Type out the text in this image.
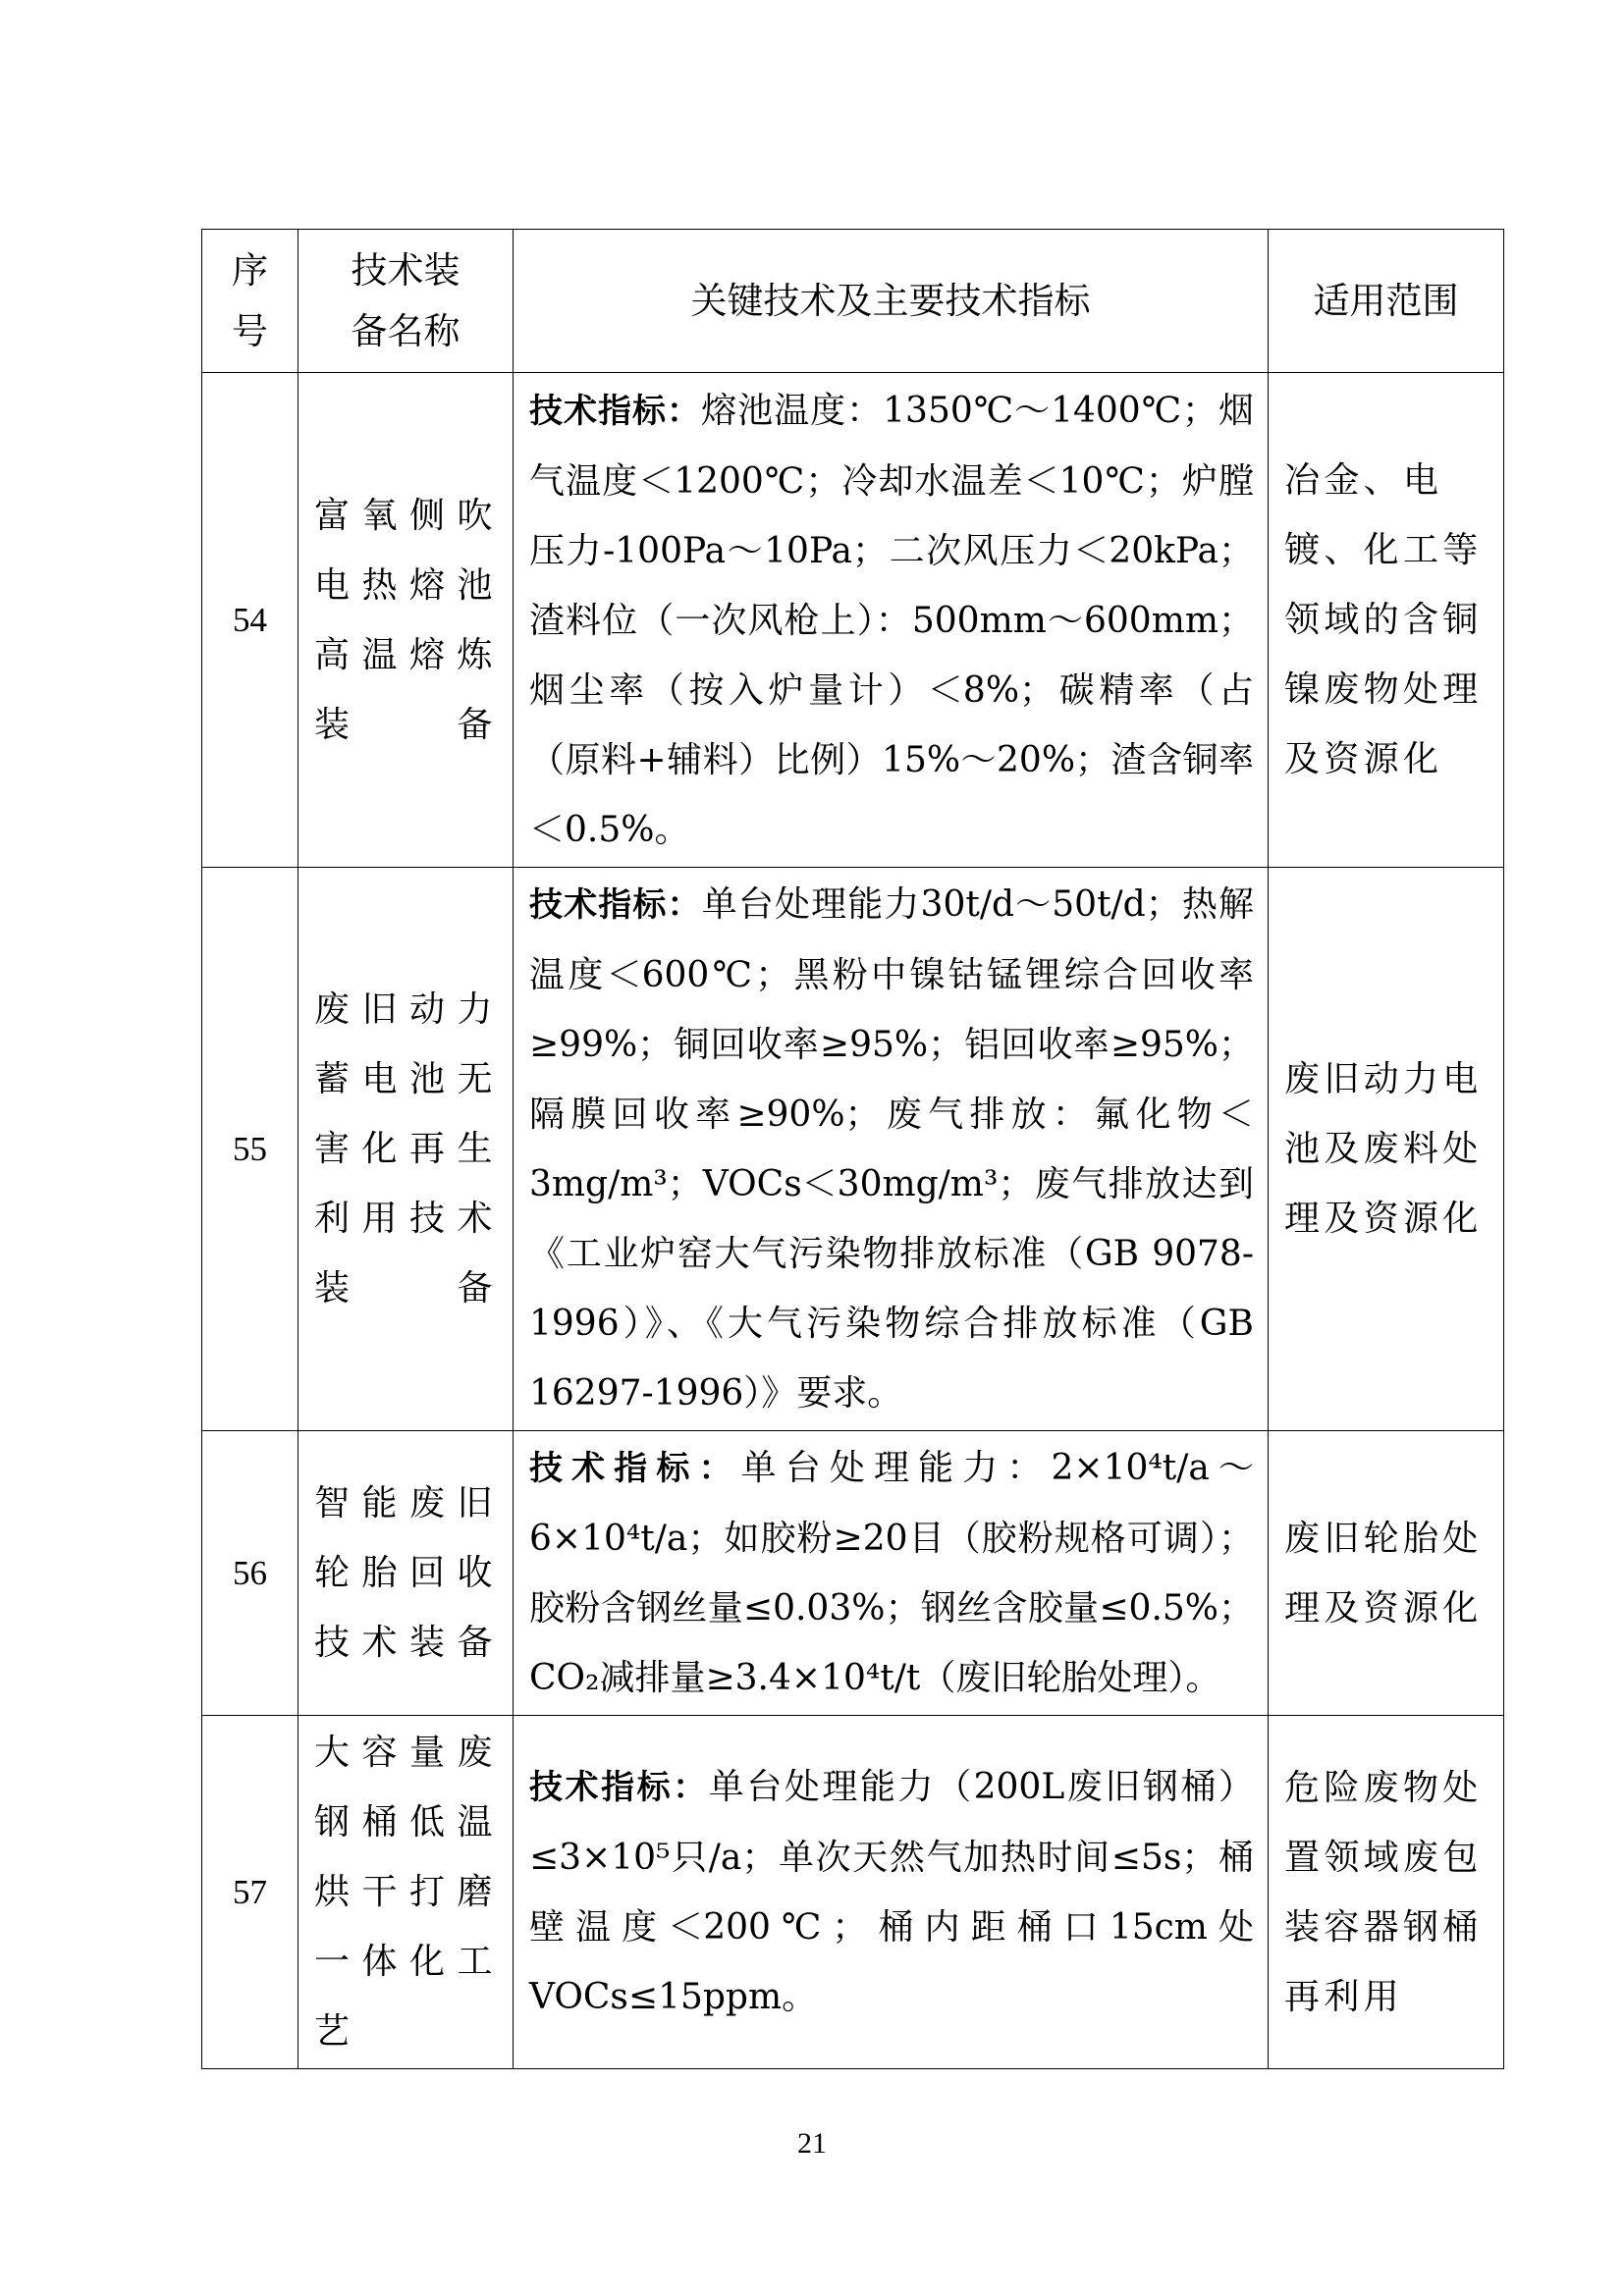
序号	技术装备名称	关键技术及主要技术指标	适用范围
54	富氧侧吹电热熔池高温熔炼装备	技术指标：熔池温度：1350℃～1400℃；烟气温度＜1200℃；冷却水温差＜10℃；炉膛压力-100Pa～10Pa；二次风压力＜20kPa；渣料位（一次风枪上）：500mm～600mm；烟尘率（按入炉量计）＜8%；碳精率（占（原料+辅料）比例）15%～20%；渣含铜率＜0.5%。	冶金、电镀、化工等领域的含铜镍废物处理及资源化
55	废旧动力蓄电池无害化再生利用技术装备	技术指标：单台处理能力30t/d～50t/d；热解温度＜600℃；黑粉中镍钴锰锂综合回收率≥99%；铜回收率≥95%；铝回收率≥95%；隔膜回收率≥90%；废气排放：氟化物＜3mg/m³；VOCs＜30mg/m³；废气排放达到《工业炉窑大气污染物排放标准（GB 9078-1996）》、《大气污染物综合排放标准（GB 16297-1996）》要求。	废旧动力电池及废料处理及资源化
56	智能废旧轮胎回收技术装备	技术指标：单台处理能力：2×10⁴t/a～6×10⁴t/a；如胶粉≥20目（胶粉规格可调）；胶粉含钢丝量≤0.03%；钢丝含胶量≤0.5%；CO₂减排量≥3.4×10⁴t/t（废旧轮胎处理）。	废旧轮胎处理及资源化
57	大容量废钢桶低温烘干打磨一体化工艺	技术指标：单台处理能力（200L废旧钢桶）≤3×10⁵只/a；单次天然气加热时间≤5s；桶壁温度＜200℃；桶内距桶口15cm处VOCs≤15ppm。	危险废物处置领域废包装容器钢桶再利用
21
